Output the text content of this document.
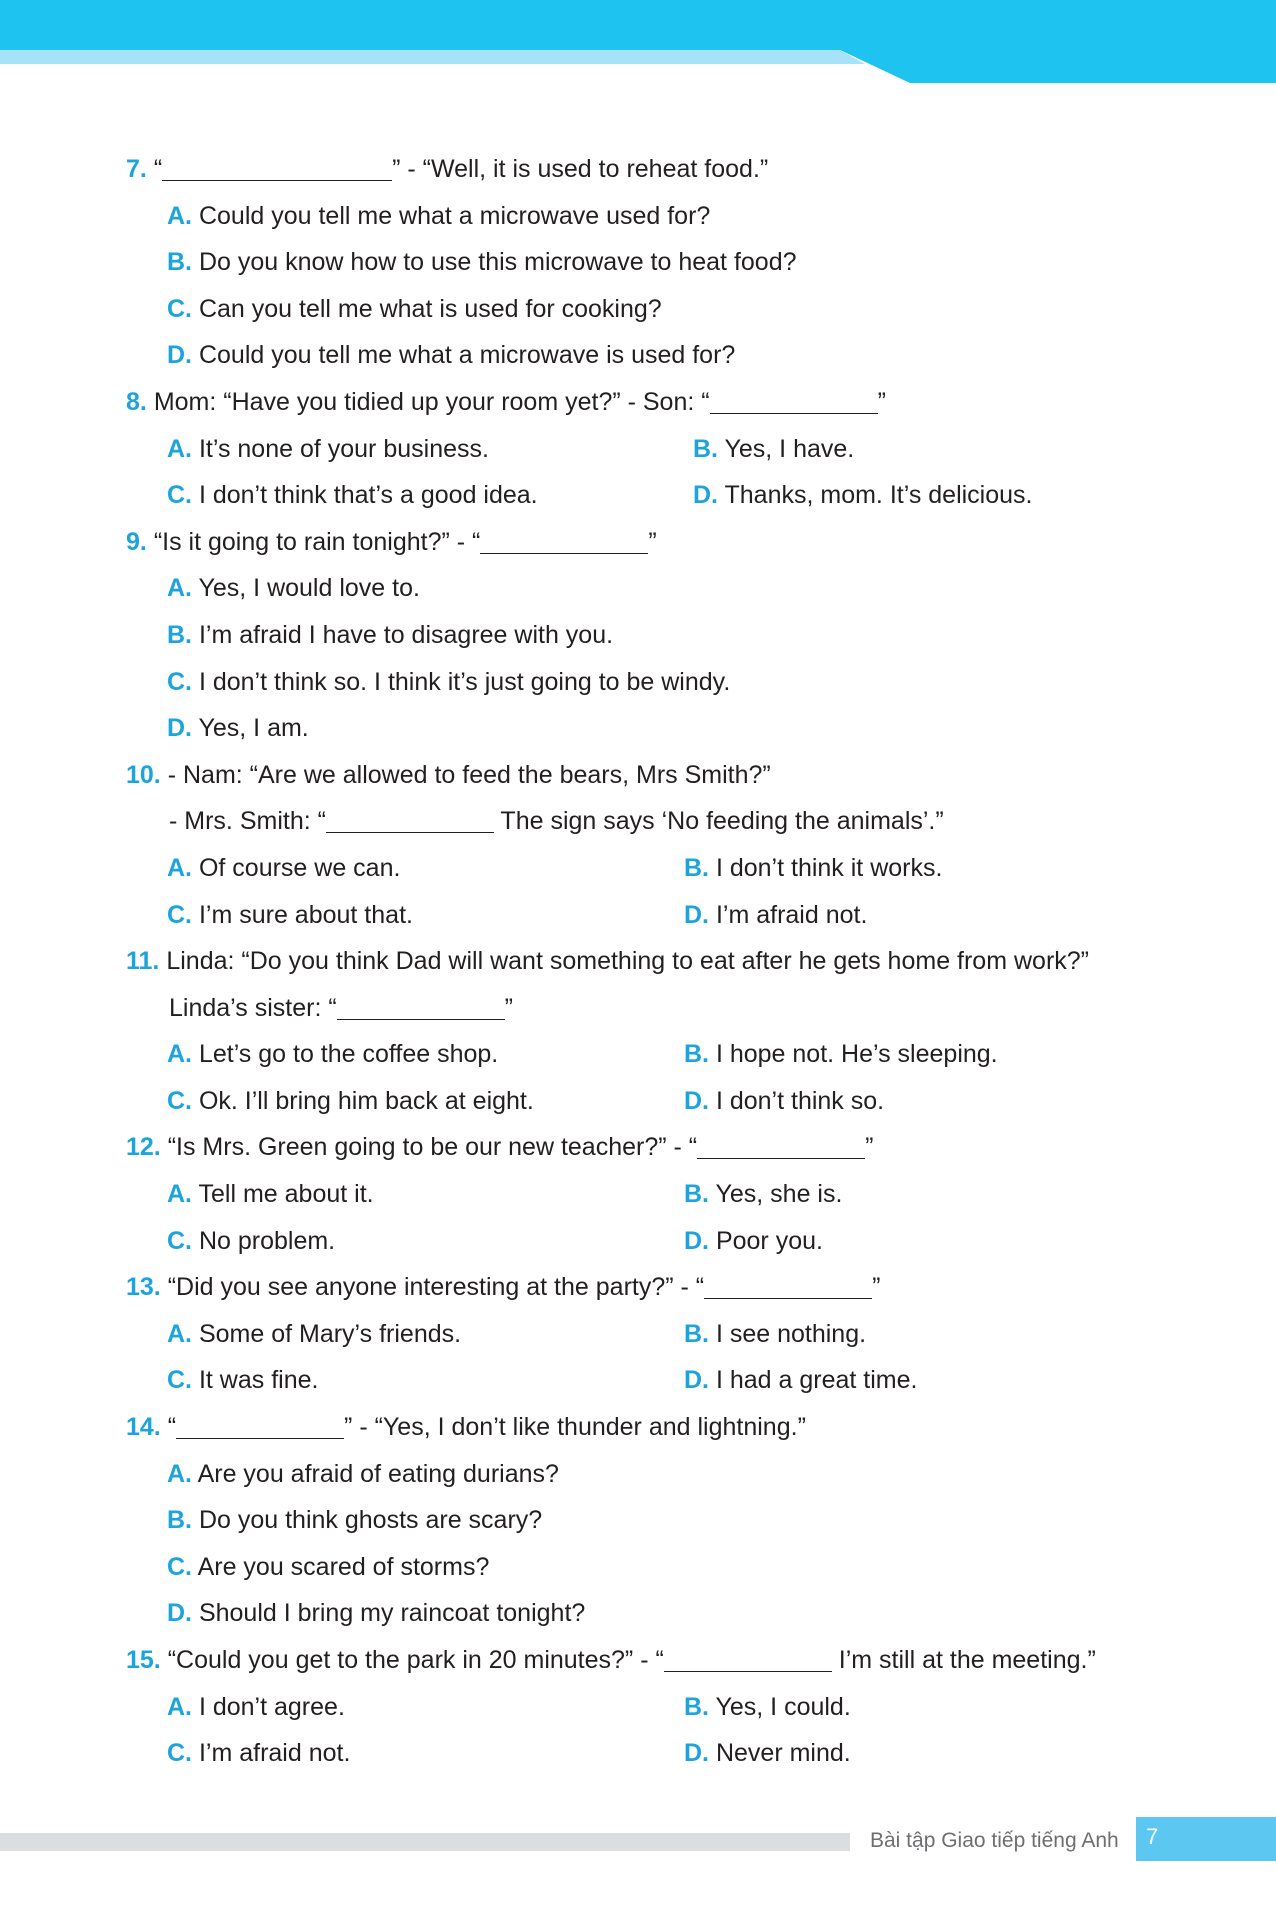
7. “	” - “Well, it is used to reheat food.”
A. Could you tell me what a microwave used for?
B. Do you know how to use this microwave to heat food?
C. Can you tell me what is used for cooking?
D. Could you tell me what a microwave is used for?
8. Mom: “Have you tidied up your room yet?” - Son: “	”
A. It’s none of your business.	B. Yes, I have.
C. I don’t think that’s a good idea.	D. Thanks, mom. It’s delicious.
9. “Is it going to rain tonight?” - “	”
A. Yes, I would love to.
B. I’m afraid I have to disagree with you.
C. I don’t think so. I think it’s just going to be windy.
D. Yes, I am.
10. - Nam: “Are we allowed to feed the bears, Mrs Smith?”
- Mrs. Smith: “	The sign says ‘No feeding the animals’.”
A. Of course we can.	B. I don’t think it works.
C. I’m sure about that.	D. I’m afraid not.
11. Linda: “Do you think Dad will want something to eat after he gets home from work?”
Linda’s sister: “	”
A. Let’s go to the coffee shop.	B. I hope not. He’s sleeping.
C. Ok. I’ll bring him back at eight.	D. I don’t think so.
12. “Is Mrs. Green going to be our new teacher?” - “	”
A. Tell me about it.	B. Yes, she is.
C. No problem.	D. Poor you.
13. “Did you see anyone interesting at the party?” - “	”
A. Some of Mary’s friends.	B. I see nothing.
C. It was fine.	D. I had a great time.
14. “	” - “Yes, I don’t like thunder and lightning.”
A. Are you afraid of eating durians?
B. Do you think ghosts are scary?
C. Are you scared of storms?
D. Should I bring my raincoat tonight?
15. “Could you get to the park in 20 minutes?” - “	I’m still at the meeting.”
A. I don’t agree.	B. Yes, I could.
C. I’m afraid not.	D. Never mind.
Bài tập Giao tiếp tiếng Anh 7
